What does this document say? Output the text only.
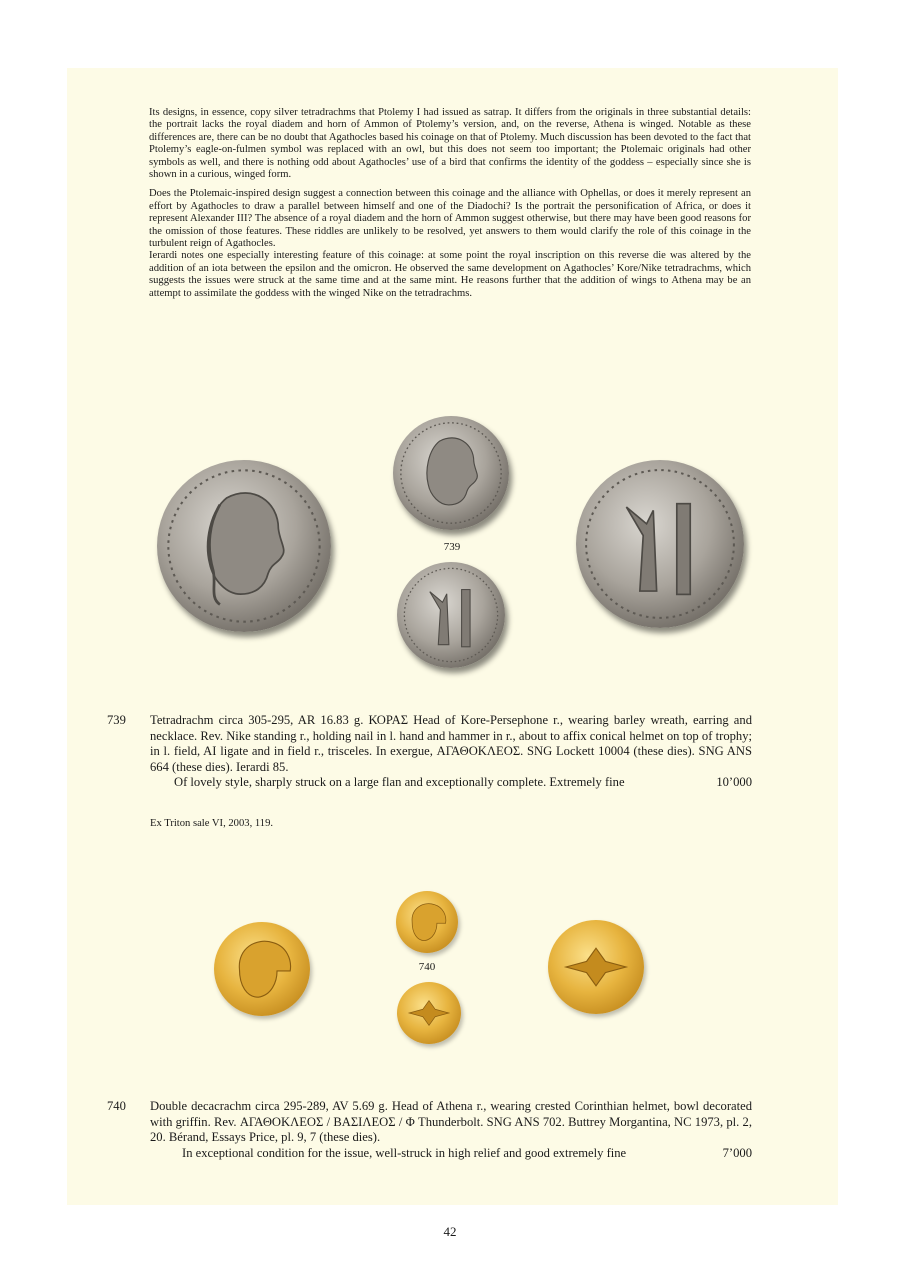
Its designs, in essence, copy silver tetradrachms that Ptolemy I had issued as satrap. It differs from the originals in three substantial details: the portrait lacks the royal diadem and horn of Ammon of Ptolemy’s version, and, on the reverse, Athena is winged. Notable as these differences are, there can be no doubt that Agathocles based his coinage on that of Ptolemy. Much discussion has been devoted to the fact that Ptolemy’s eagle-on-fulmen symbol was replaced with an owl, but this does not seem too important; the Ptolemaic originals had other symbols as well, and there is nothing odd about Agathocles’ use of a bird that confirms the identity of the goddess – especially since she is shown in a curious, winged form.

Does the Ptolemaic-inspired design suggest a connection between this coinage and the alliance with Ophellas, or does it merely represent an effort by Agathocles to draw a parallel between himself and one of the Diadochi? Is the portrait the personification of Africa, or does it represent Alexander III? The absence of a royal diadem and the horn of Ammon suggest otherwise, but there may have been good reasons for the omission of those features. These riddles are unlikely to be resolved, yet answers to them would clarify the role of this coinage in the turbulent reign of Agathocles.

Ierardi notes one especially interesting feature of this coinage: at some point the royal inscription on this reverse die was altered by the addition of an iota between the epsilon and the omicron. He observed the same development on Agathocles’ Kore/Nike tetradrachms, which suggests the issues were struck at the same time and at the same mint. He reasons further that the addition of wings to Athena may be an attempt to assimilate the goddess with the winged Nike on the tetradrachms.

739
739 Tetradrachm circa 305-295, AR 16.83 g. ΚΟΡΑΣ Head of Kore-Persephone r., wearing barley wreath, earring and necklace. Rev. Nike standing r., holding nail in l. hand and hammer in r., about to affix conical helmet on top of trophy; in l. field, AI ligate and in field r., trisceles. In exergue, ΑΓΑΘΟΚΛΕΟΣ. SNG Lockett 10004 (these dies). SNG ANS 664 (these dies). Ierardi 85.
Of lovely style, sharply struck on a large flan and exceptionally complete. Extremely fine	10’000
Ex Triton sale VI, 2003, 119.
740
740 Double decacrachm circa 295-289, AV 5.69 g. Head of Athena r., wearing crested Corinthian helmet, bowl decorated with griffin. Rev. ΑΓΑΘΟΚΛΕΟΣ / ΒΑΣΙΛΕΟΣ / Φ Thunderbolt. SNG ANS 702. Buttrey Morgantina, NC 1973, pl. 2, 20. Bérand, Essays Price, pl. 9, 7 (these dies).
In exceptional condition for the issue, well-struck in high relief and good extremely fine	7’000
42
